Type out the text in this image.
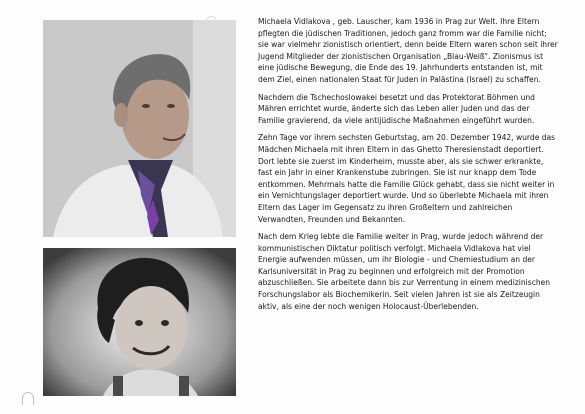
Michaela Vidlakova , geb. Lauscher, kam 1936 in Prag zur Welt. Ihre Eltern pflegten die jüdischen Traditionen, jedoch ganz fromm war die Familie nicht; sie war vielmehr zionistisch orientiert, denn beide Eltern waren schon seit ihrer Jugend Mitglieder der zionistischen Organisation „Blau-Weiß“. Zionismus ist eine jüdische Bewegung, die Ende des 19. Jahrhunderts entstanden ist, mit dem Ziel, einen nationalen Staat für Juden in Palästina (Israel) zu schaffen.

Nachdem die Tschechoslowakei besetzt und das Protektorat Böhmen und Mähren errichtet wurde, änderte sich das Leben aller Juden und das der Familie gravierend, da viele antijüdische Maßnahmen eingeführt wurden.

Zehn Tage vor ihrem sechsten Geburtstag, am 20. Dezember 1942, wurde das Mädchen Michaela mit ihren Eltern in das Ghetto Theresienstadt deportiert. Dort lebte sie zuerst im Kinderheim, musste aber, als sie schwer erkrankte, fast ein Jahr in einer Krankenstube zubringen. Sie ist nur knapp dem Tode entkommen. Mehrmals hatte die Familie Glück gehabt, dass sie nicht weiter in ein Vernichtungslager deportiert wurde. Und so überlebte Michaela mit ihren Eltern das Lager im Gegensatz zu ihren Großeltern und zahlreichen Verwandten, Freunden und Bekannten.

Nach dem Krieg lebte die Familie weiter in Prag, wurde jedoch während der kommunistischen Diktatur politisch verfolgt. Michaela Vidlakova hat viel Energie aufwenden müssen, um ihr Biologie - und Chemiestudium an der Karlsuniversität in Prag zu beginnen und erfolgreich mit der Promotion abzuschließen. Sie arbeitete dann bis zur Verrentung in einem medizinischen Forschungslabor als Biochemikerin. Seit vielen Jahren ist sie als Zeitzeugin aktiv, als eine der noch wenigen Holocaust-Überlebenden.
